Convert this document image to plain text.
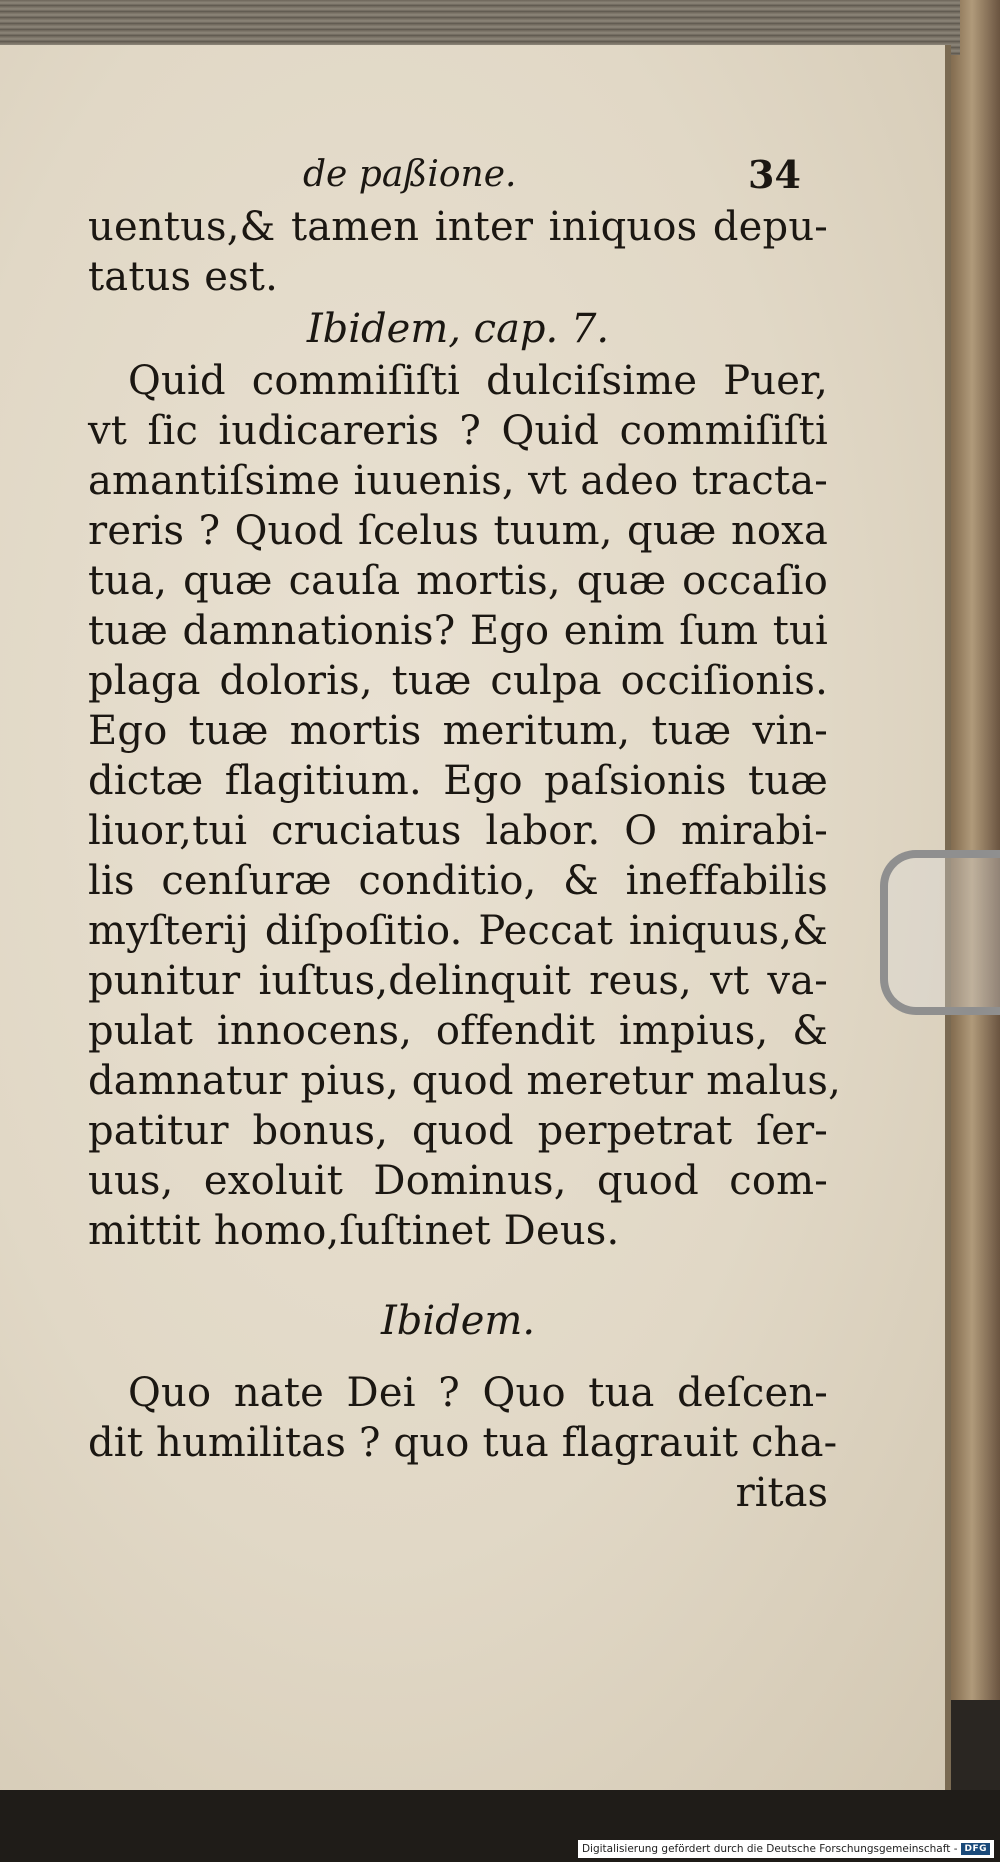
de paßione.	34
uentus,& tamen inter iniquos depu-
tatus est.
Ibidem, cap. 7.
Quid commiſiſti dulciſsime Puer,
vt ſic iudicareris ? Quid commiſiſti
amantiſsime iuuenis, vt adeo tracta-
reris ? Quod ſcelus tuum, quæ noxa
tua, quæ cauſa mortis, quæ occaſio
tuæ damnationis? Ego enim ſum tui
plaga doloris, tuæ culpa occiſionis.
Ego tuæ mortis meritum, tuæ vin-
dictæ flagitium. Ego paſsionis tuæ
liuor,tui cruciatus labor. O mirabi-
lis cenſuræ conditio, & ineffabilis
myſterij diſpoſitio. Peccat iniquus,&
punitur iuſtus,delinquit reus, vt va-
pulat innocens, offendit impius, &
damnatur pius, quod meretur malus,
patitur bonus, quod perpetrat ſer-
uus, exoluit Dominus, quod com-
mittit homo,ſuſtinet Deus.
Ibidem.
Quo nate Dei ? Quo tua deſcen-
dit humilitas ? quo tua flagrauit cha-
ritas
Digitalisierung gefördert durch die Deutsche Forschungsgemeinschaft - DFG
